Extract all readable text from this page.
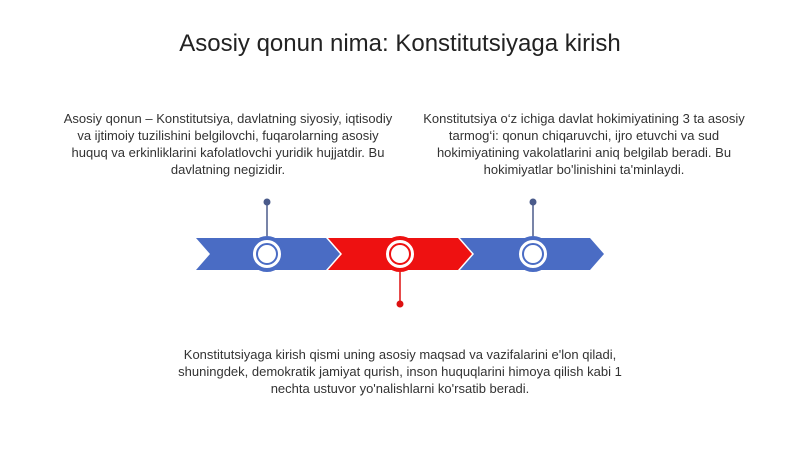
Asosiy qonun nima: Konstitutsiyaga kirish
Asosiy qonun – Konstitutsiya, davlatning siyosiy, iqtisodiy va ijtimoiy tuzilishini belgilovchi, fuqarolarning asosiy huquq va erkinliklarini kafolatlovchi yuridik hujjatdir. Bu davlatning negizidir.
Konstitutsiya o‘z ichiga davlat hokimiyatining 3 ta asosiy tarmog‘i: qonun chiqaruvchi, ijro etuvchi va sud hokimiyatining vakolatlarini aniq belgilab beradi. Bu hokimiyatlar bo'linishini ta'minlaydi.
Konstitutsiyaga kirish qismi uning asosiy maqsad va vazifalarini e'lon qiladi, shuningdek, demokratik jamiyat qurish, inson huquqlarini himoya qilish kabi 1 nechta ustuvor yo'nalishlarni ko'rsatib beradi.
